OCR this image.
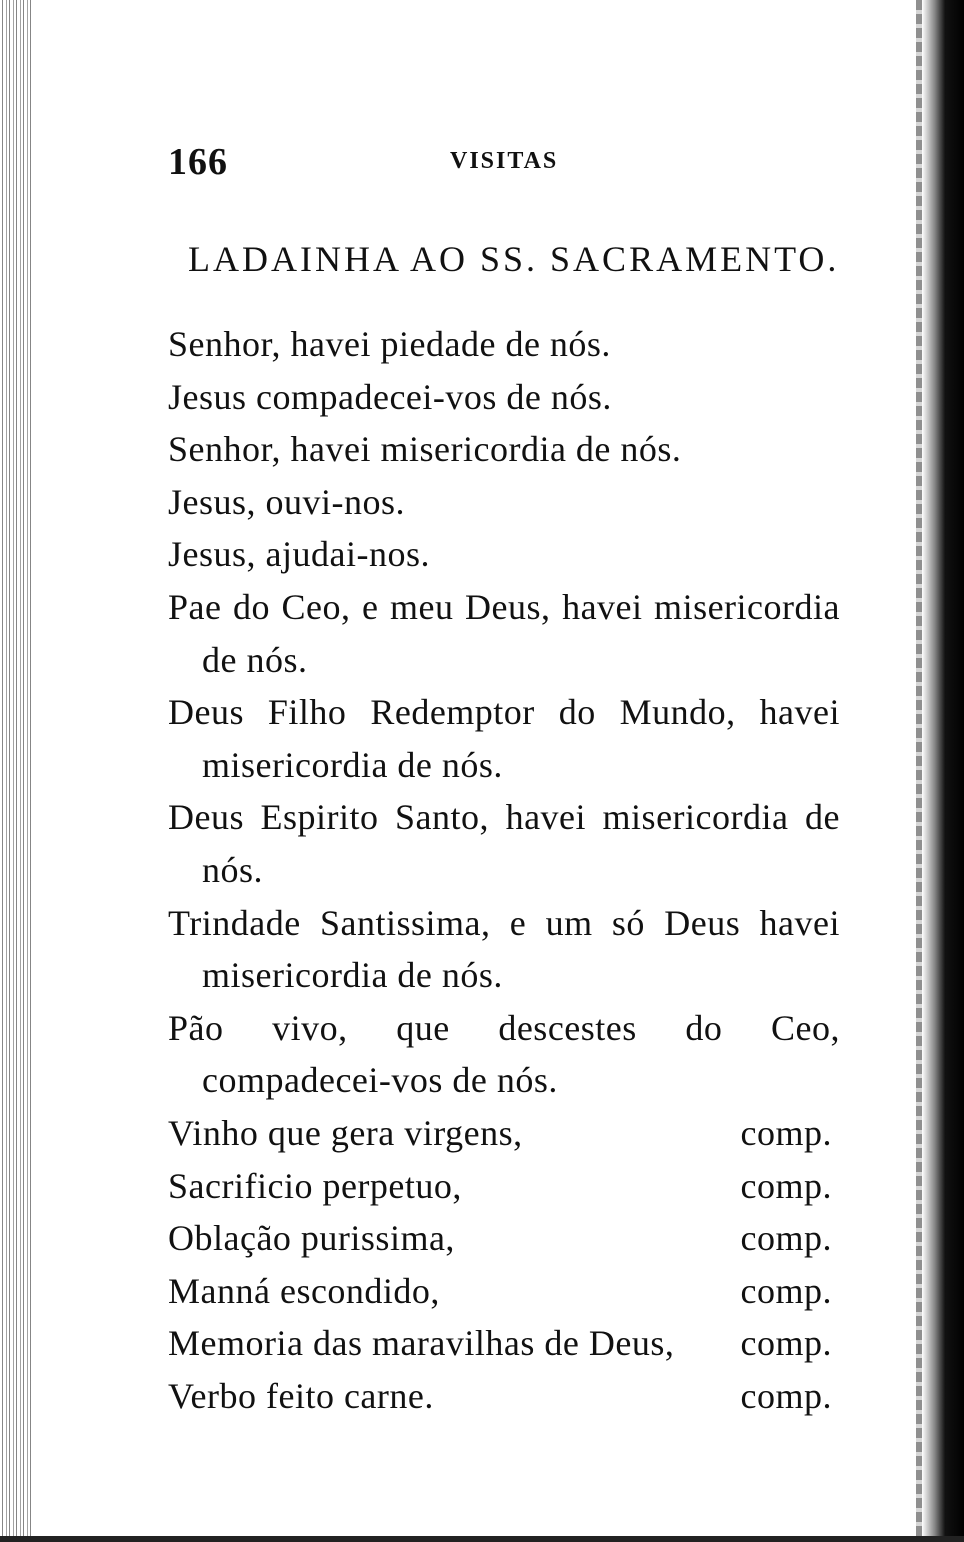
166	VISITAS
LADAINHA AO SS. SACRAMENTO.
Senhor, havei piedade de nós.
Jesus compadecei-vos de nós.
Senhor, havei misericordia de nós.
Jesus, ouvi-nos.
Jesus, ajudai-nos.
Pae do Ceo, e meu Deus, havei misericordia de nós.
Deus Filho Redemptor do Mundo, havei misericordia de nós.
Deus Espirito Santo, havei misericordia de nós.
Trindade Santissima, e um só Deus havei misericordia de nós.
Pão vivo, que descestes do Ceo, compadecei-vos de nós.
Vinho que gera virgens,	comp.
Sacrificio perpetuo,	comp.
Oblação purissima,	comp.
Manná escondido,	comp.
Memoria das maravilhas de Deus, comp.
Verbo feito carne.	comp.
